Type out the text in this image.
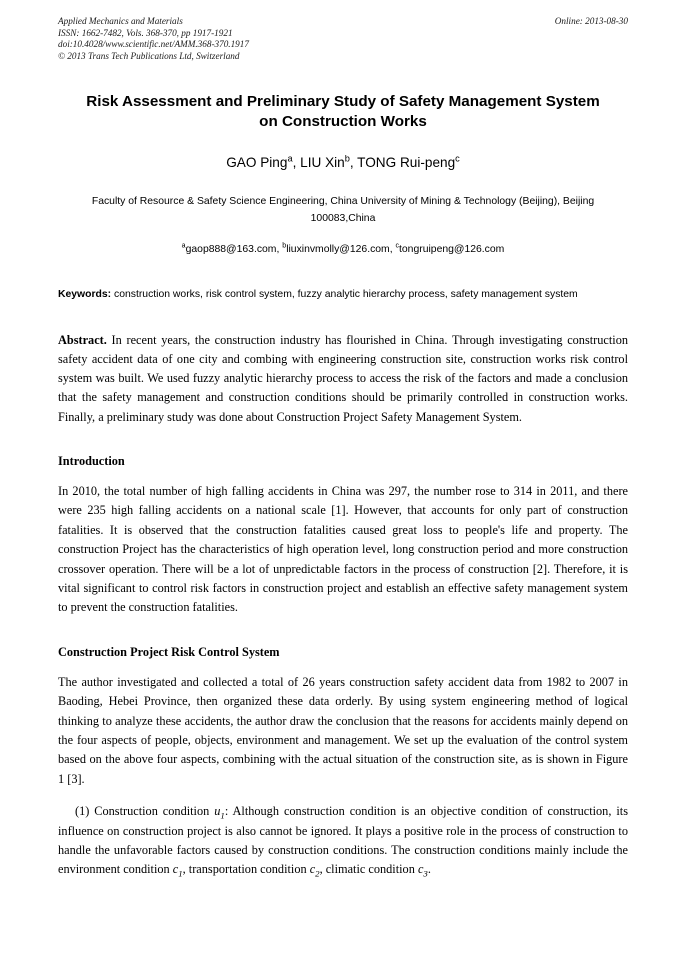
Applied Mechanics and Materials
ISSN: 1662-7482, Vols. 368-370, pp 1917-1921
doi:10.4028/www.scientific.net/AMM.368-370.1917
© 2013 Trans Tech Publications Ltd, Switzerland
Online: 2013-08-30
Risk Assessment and Preliminary Study of Safety Management System
on Construction Works
GAO Ping$^a$, LIU Xin$^b$, TONG Rui-peng$^c$
Faculty of Resource & Safety Science Engineering, China University of Mining & Technology (Beijing), Beijing 100083,China
$^a$gaop888@163.com, $^b$liuxinvmolly@126.com, $^c$tongruipeng@126.com
Keywords: construction works, risk control system, fuzzy analytic hierarchy process, safety management system
Abstract. In recent years, the construction industry has flourished in China. Through investigating construction safety accident data of one city and combing with engineering construction site, construction works risk control system was built. We used fuzzy analytic hierarchy process to access the risk of the factors and made a conclusion that the safety management and construction conditions should be primarily controlled in construction works. Finally, a preliminary study was done about Construction Project Safety Management System.
Introduction
In 2010, the total number of high falling accidents in China was 297, the number rose to 314 in 2011, and there were 235 high falling accidents on a national scale [1]. However, that accounts for only part of construction fatalities. It is observed that the construction fatalities caused great loss to people's life and property. The construction Project has the characteristics of high operation level, long construction period and more construction crossover operation. There will be a lot of unpredictable factors in the process of construction [2]. Therefore, it is vital significant to control risk factors in construction project and establish an effective safety management system to prevent the construction fatalities.
Construction Project Risk Control System
The author investigated and collected a total of 26 years construction safety accident data from 1982 to 2007 in Baoding, Hebei Province, then organized these data orderly. By using system engineering method of logical thinking to analyze these accidents, the author draw the conclusion that the reasons for accidents mainly depend on the four aspects of people, objects, environment and management. We set up the evaluation of the control system based on the above four aspects, combining with the actual situation of the construction site, as is shown in Figure 1 [3].
(1) Construction condition $u_1$: Although construction condition is an objective condition of construction, its influence on construction project is also cannot be ignored. It plays a positive role in the process of construction to handle the unfavorable factors caused by construction conditions. The construction conditions mainly include the environment condition $c_1$, transportation condition $c_2$, climatic condition $c_3$.
